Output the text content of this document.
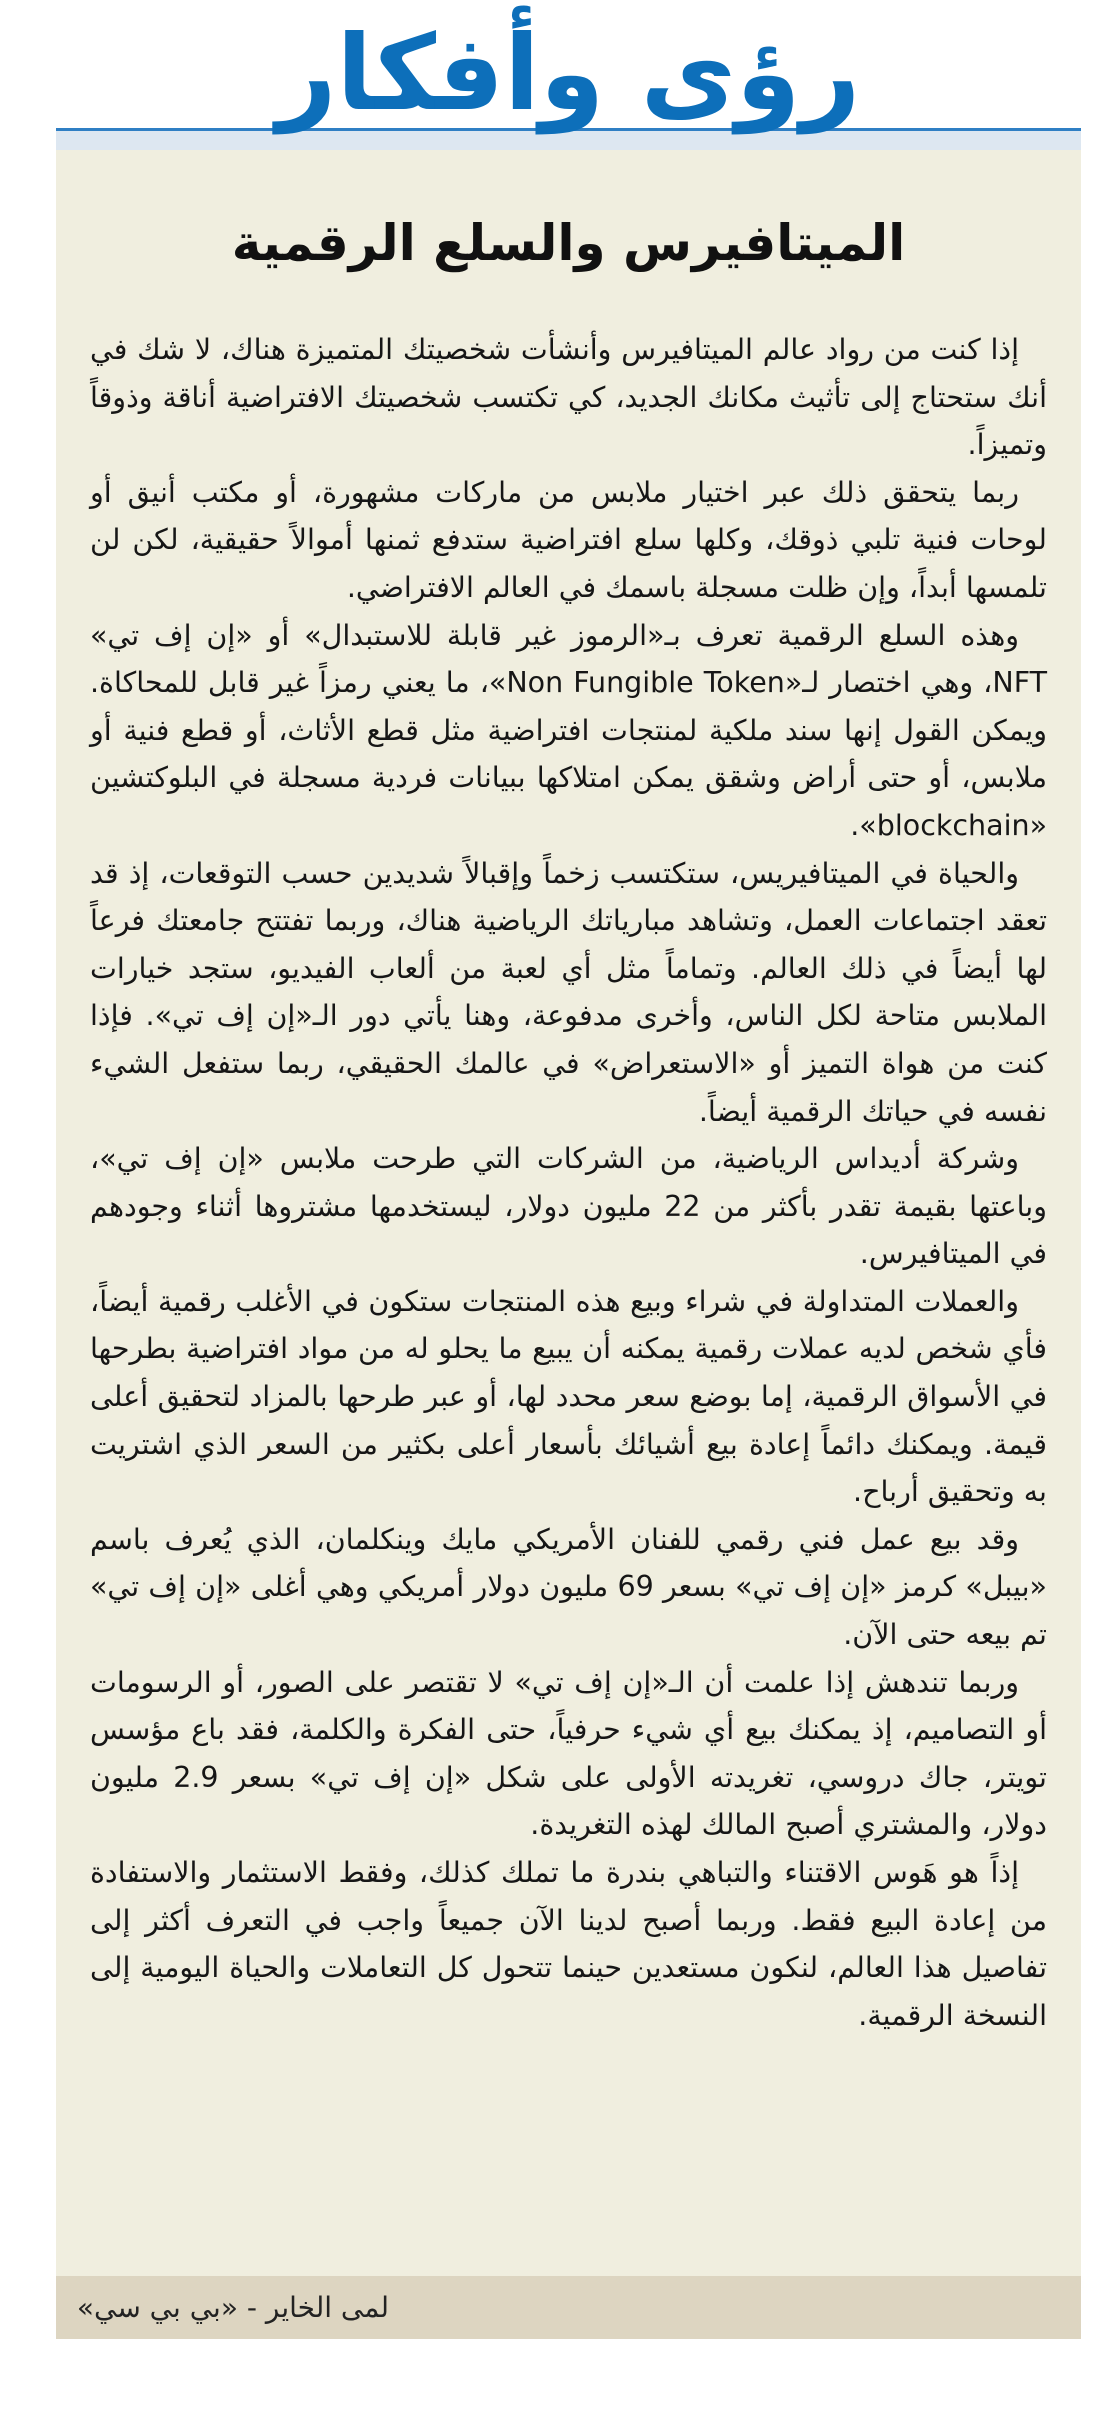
رؤى وأفكار
الميتافيرس والسلع الرقمية

إذا كنت من رواد عالم الميتافيرس وأنشأت شخصيتك المتميزة هناك، لا شك في أنك ستحتاج إلى تأثيث مكانك الجديد، كي تكتسب شخصيتك الافتراضية أناقة وذوقاً وتميزاً.

ربما يتحقق ذلك عبر اختيار ملابس من ماركات مشهورة، أو مكتب أنيق أو لوحات فنية تلبي ذوقك، وكلها سلع افتراضية ستدفع ثمنها أموالاً حقيقية، لكن لن تلمسها أبداً، وإن ظلت مسجلة باسمك في العالم الافتراضي.

وهذه السلع الرقمية تعرف بـ«الرموز غير قابلة للاستبدال» أو «إن إف تي» NFT، وهي اختصار لـ«Non Fungible Token»، ما يعني رمزاً غير قابل للمحاكاة. ويمكن القول إنها سند ملكية لمنتجات افتراضية مثل قطع الأثاث، أو قطع فنية أو ملابس، أو حتى أراض وشقق يمكن امتلاكها ببيانات فردية مسجلة في البلوكتشين «blockchain».

والحياة في الميتافيريس، ستكتسب زخماً وإقبالاً شديدين حسب التوقعات، إذ قد تعقد اجتماعات العمل، وتشاهد مبارياتك الرياضية هناك، وربما تفتتح جامعتك فرعاً لها أيضاً في ذلك العالم. وتماماً مثل أي لعبة من ألعاب الفيديو، ستجد خيارات الملابس متاحة لكل الناس، وأخرى مدفوعة، وهنا يأتي دور الـ«إن إف تي». فإذا كنت من هواة التميز أو «الاستعراض» في عالمك الحقيقي، ربما ستفعل الشيء نفسه في حياتك الرقمية أيضاً.

وشركة أديداس الرياضية، من الشركات التي طرحت ملابس «إن إف تي»، وباعتها بقيمة تقدر بأكثر من 22 مليون دولار، ليستخدمها مشتروها أثناء وجودهم في الميتافيرس.

والعملات المتداولة في شراء وبيع هذه المنتجات ستكون في الأغلب رقمية أيضاً، فأي شخص لديه عملات رقمية يمكنه أن يبيع ما يحلو له من مواد افتراضية بطرحها في الأسواق الرقمية، إما بوضع سعر محدد لها، أو عبر طرحها بالمزاد لتحقيق أعلى قيمة. ويمكنك دائماً إعادة بيع أشيائك بأسعار أعلى بكثير من السعر الذي اشتريت به وتحقيق أرباح.

وقد بيع عمل فني رقمي للفنان الأمريكي مايك وينكلمان، الذي يُعرف باسم «بيبل» كرمز «إن إف تي» بسعر 69 مليون دولار أمريكي وهي أغلى «إن إف تي» تم بيعه حتى الآن.

وربما تندهش إذا علمت أن الـ«إن إف تي» لا تقتصر على الصور، أو الرسومات أو التصاميم، إذ يمكنك بيع أي شيء حرفياً، حتى الفكرة والكلمة، فقد باع مؤسس تويتر، جاك دروسي، تغريدته الأولى على شكل «إن إف تي» بسعر 2.9 مليون دولار، والمشتري أصبح المالك لهذه التغريدة.

إذاً هو هَوس الاقتناء والتباهي بندرة ما تملك كذلك، وفقط الاستثمار والاستفادة من إعادة البيع فقط. وربما أصبح لدينا الآن جميعاً واجب في التعرف أكثر إلى تفاصيل هذا العالم، لنكون مستعدين حينما تتحول كل التعاملات والحياة اليومية إلى النسخة الرقمية.

لمى الخاير - «بي بي سي»
